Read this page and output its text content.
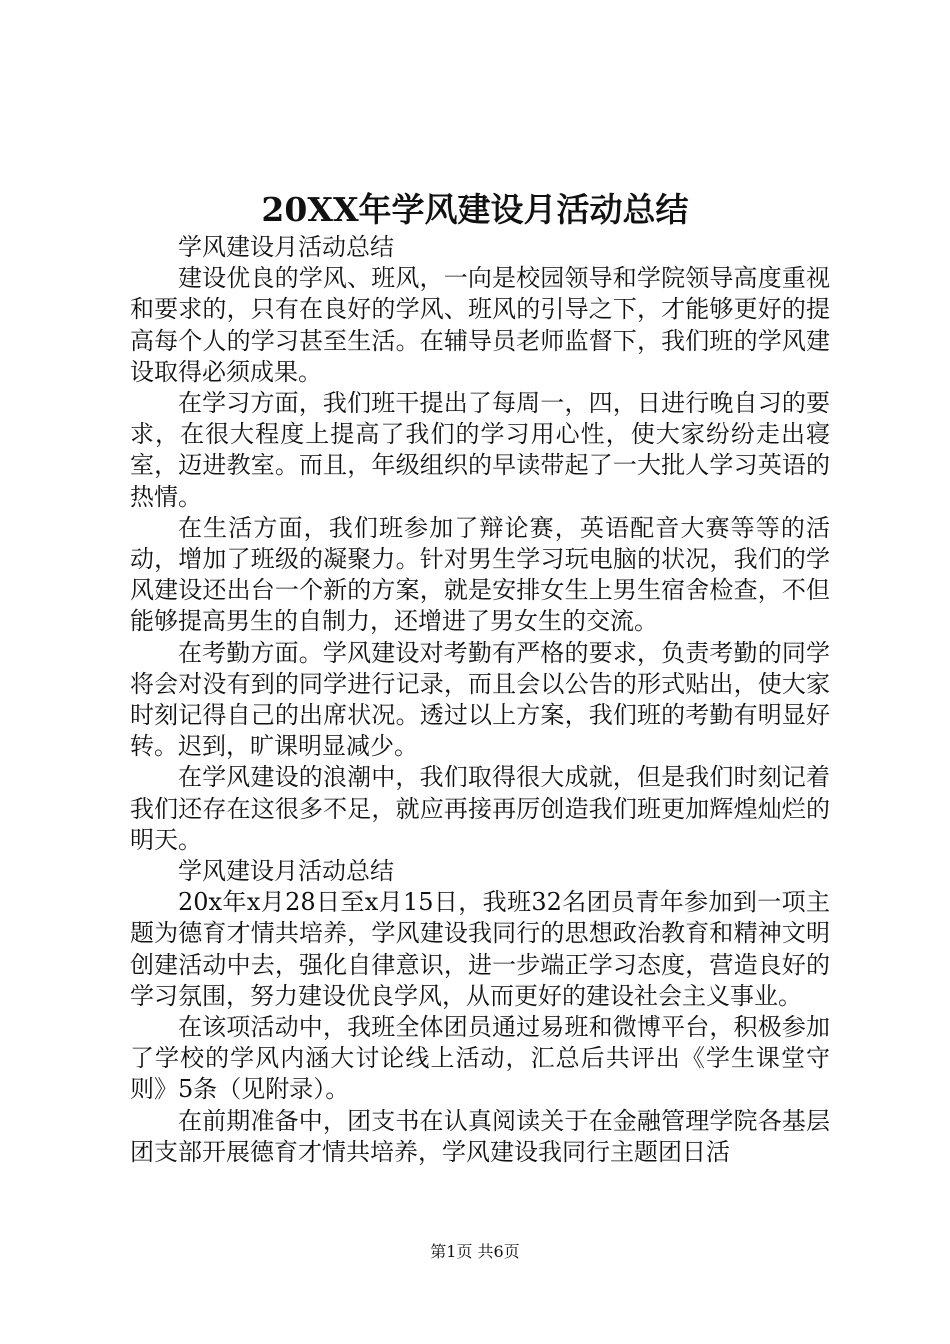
20XX年学风建设月活动总结

学风建设月活动总结

建设优良的学风、班风，一向是校园领导和学院领导高度重视和要求的，只有在良好的学风、班风的引导之下，才能够更好的提高每个人的学习甚至生活。在辅导员老师监督下，我们班的学风建设取得必须成果。

在学习方面，我们班干提出了每周一，四，日进行晚自习的要求，在很大程度上提高了我们的学习用心性，使大家纷纷走出寝室，迈进教室。而且，年级组织的早读带起了一大批人学习英语的热情。

在生活方面，我们班参加了辩论赛，英语配音大赛等等的活动，增加了班级的凝聚力。针对男生学习玩电脑的状况，我们的学风建设还出台一个新的方案，就是安排女生上男生宿舍检查，不但能够提高男生的自制力，还增进了男女生的交流。

在考勤方面。学风建设对考勤有严格的要求，负责考勤的同学将会对没有到的同学进行记录，而且会以公告的形式贴出，使大家时刻记得自己的出席状况。透过以上方案，我们班的考勤有明显好转。迟到，旷课明显减少。

在学风建设的浪潮中，我们取得很大成就，但是我们时刻记着我们还存在这很多不足，就应再接再厉创造我们班更加辉煌灿烂的明天。

学风建设月活动总结

20x年x月28日至x月15日，我班32名团员青年参加到一项主题为德育才情共培养，学风建设我同行的思想政治教育和精神文明创建活动中去，强化自律意识，进一步端正学习态度，营造良好的学习氛围，努力建设优良学风，从而更好的建设社会主义事业。

在该项活动中，我班全体团员通过易班和微博平台，积极参加了学校的学风内涵大讨论线上活动，汇总后共评出《学生课堂守则》5条（见附录）。

在前期准备中，团支书在认真阅读关于在金融管理学院各基层团支部开展德育才情共培养，学风建设我同行主题团日活

第1页 共6页
